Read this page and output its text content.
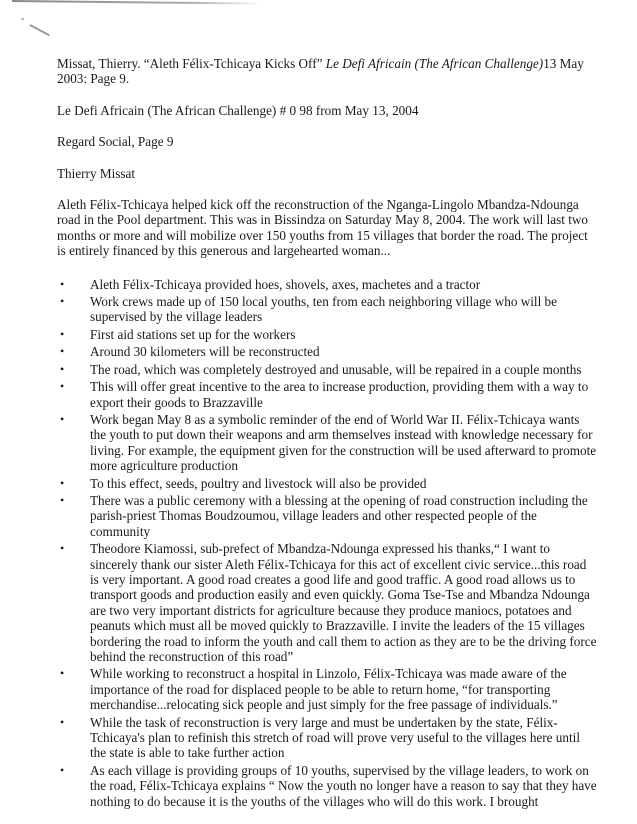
Missat, Thierry. “Aleth Félix-Tchicaya Kicks Off” Le Defi Africain (The African Challenge)13 May 2003: Page 9.

Le Defi Africain (The African Challenge) # 0 98 from May 13, 2004

Regard Social, Page 9

Thierry Missat

Aleth Félix-Tchicaya helped kick off the reconstruction of the Nganga-Lingolo Mbandza-Ndounga road in the Pool department. This was in Bissindza on Saturday May 8, 2004. The work will last two months or more and will mobilize over 150 youths from 15 villages that border the road. The project is entirely financed by this generous and largehearted woman...

• Aleth Félix-Tchicaya provided hoes, shovels, axes, machetes and a tractor
• Work crews made up of 150 local youths, ten from each neighboring village who will be supervised by the village leaders
• First aid stations set up for the workers
• Around 30 kilometers will be reconstructed
• The road, which was completely destroyed and unusable, will be repaired in a couple months
• This will offer great incentive to the area to increase production, providing them with a way to export their goods to Brazzaville
• Work began May 8 as a symbolic reminder of the end of World War II. Félix-Tchicaya wants the youth to put down their weapons and arm themselves instead with knowledge necessary for living. For example, the equipment given for the construction will be used afterward to promote more agriculture production
• To this effect, seeds, poultry and livestock will also be provided
• There was a public ceremony with a blessing at the opening of road construction including the parish-priest Thomas Boudzoumou, village leaders and other respected people of the community
• Theodore Kiamossi, sub-prefect of Mbandza-Ndounga expressed his thanks,“ I want to sincerely thank our sister Aleth Félix-Tchicaya for this act of excellent civic service...this road is very important. A good road creates a good life and good traffic. A good road allows us to transport goods and production easily and even quickly. Goma Tse-Tse and Mbandza Ndounga are two very important districts for agriculture because they produce maniocs, potatoes and peanuts which must all be moved quickly to Brazzaville. I invite the leaders of the 15 villages bordering the road to inform the youth and call them to action as they are to be the driving force behind the reconstruction of this road”
• While working to reconstruct a hospital in Linzolo, Félix-Tchicaya was made aware of the importance of the road for displaced people to be able to return home, “for transporting merchandise...relocating sick people and just simply for the free passage of individuals.”
• While the task of reconstruction is very large and must be undertaken by the state, Félix-Tchicaya's plan to refinish this stretch of road will prove very useful to the villages here until the state is able to take further action
• As each village is providing groups of 10 youths, supervised by the village leaders, to work on the road, Félix-Tchicaya explains “ Now the youth no longer have a reason to say that they have nothing to do because it is the youths of the villages who will do this work. I brought
